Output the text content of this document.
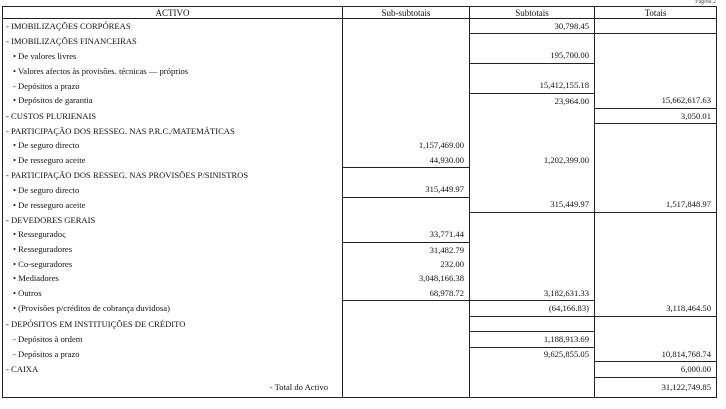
Página 2
ACTIVO	Sub-subtotais	Subtotais	Totais
- IMOBILIZAÇÕES CORPÓREAS		30,798.45	
- IMOBILIZAÇÕES FINANCEIRAS			
• De valores livres		195,700.00	
• Valores afectos às provisões. técnicas — próprios			
- Depósitos a prazo		15,412,155.18	
• Depósitos de garantia		23,964.00	15,662,617.63
- CUSTOS PLURIENAIS			3,050.01
- PARTICIPAÇÃO DOS RESSEG. NAS P.R.C./MATEMÁTICAS			
• De seguro directo	1,157,469.00		
• De resseguro aceite	44,930.00	1,202,399.00	
- PARTICIPAÇÃO DOS RESSEG. NAS PROVISÕES P/SINISTROS			
• De seguro directo	315,449.97		
• De resseguro aceite		315,449.97	1,517,848.97
- DEVEDORES GERAIS			
• Resseguradoς	33,771.44		
• Resseguradores	31,482.79		
• Co-seguradores	232.00		
• Mediadores	3,048,166.38		
• Outros	68,978.72	3,182,631.33	
• (Provisões p/créditos de cobrança duvidosa)		(64,166.83)	3,118,464.50
- DEPÓSITOS EM INSTITUIÇÕES DE CRÉDITO			
- Depósitos à ordem		1,188,913.69	
- Depósitos a prazo		9,625,855.05	10,814,768.74
- CAIXA			6,000.00
- Total do Activo			31,122,749.85
